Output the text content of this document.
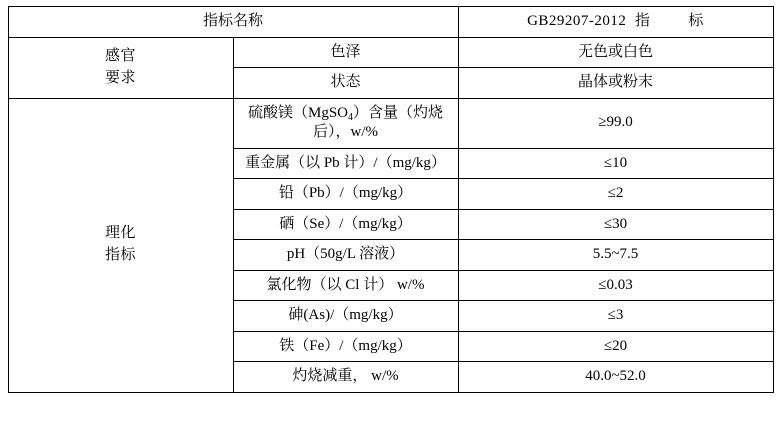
指标名称		GB29207-2012 指 标

感官
要求	色泽	无色或白色
	状态	晶体或粉末

理化
指标	硫酸镁（MgSO$_4$）含量（灼烧后），w/%	≥99.0
	重金属（以 Pb 计）/（mg/kg）	≤10
	铅（Pb）/（mg/kg）	≤2
	硒（Se）/（mg/kg）	≤30
	pH（50g/L 溶液）	5.5~7.5
	氯化物（以 Cl 计） w/%	≤0.03
	砷(As)/（mg/kg）	≤3
	铁（Fe）/（mg/kg）	≤20
	灼烧减重， w/%	40.0~52.0
